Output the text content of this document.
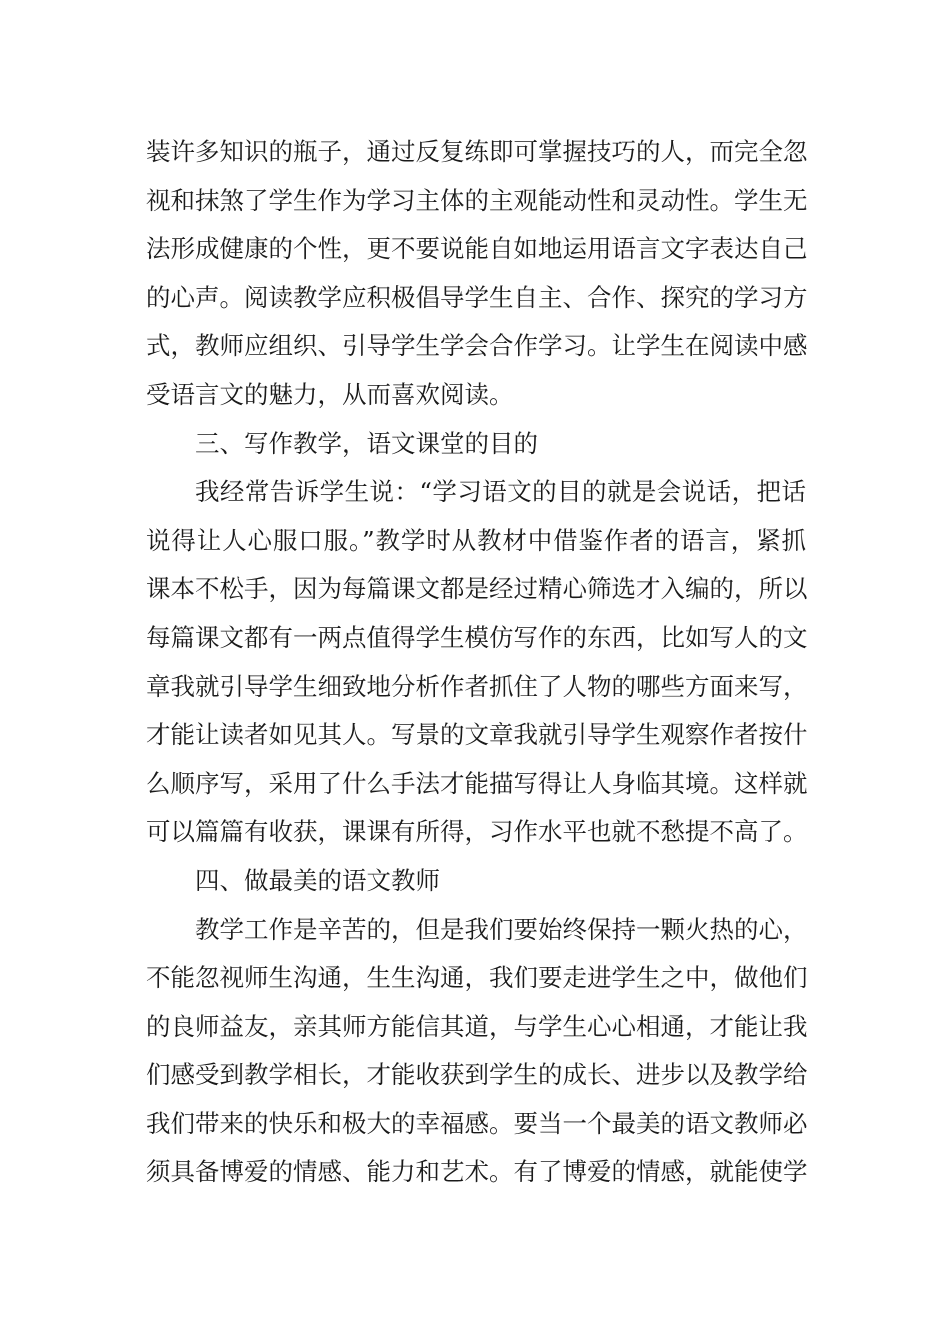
装许多知识的瓶子，通过反复练即可掌握技巧的人，而完全忽
视和抹煞了学生作为学习主体的主观能动性和灵动性。学生无
法形成健康的个性，更不要说能自如地运用语言文字表达自己
的心声。阅读教学应积极倡导学生自主、合作、探究的学习方
式，教师应组织、引导学生学会合作学习。让学生在阅读中感
受语言文的魅力，从而喜欢阅读。
三、写作教学，语文课堂的目的
我经常告诉学生说：“学习语文的目的就是会说话，把话
说得让人心服口服。”教学时从教材中借鉴作者的语言，紧抓
课本不松手，因为每篇课文都是经过精心筛选才入编的，所以
每篇课文都有一两点值得学生模仿写作的东西，比如写人的文
章我就引导学生细致地分析作者抓住了人物的哪些方面来写，
才能让读者如见其人。写景的文章我就引导学生观察作者按什
么顺序写，采用了什么手法才能描写得让人身临其境。这样就
可以篇篇有收获，课课有所得，习作水平也就不愁提不高了。
四、做最美的语文教师
教学工作是辛苦的，但是我们要始终保持一颗火热的心，
不能忽视师生沟通，生生沟通，我们要走进学生之中，做他们
的良师益友，亲其师方能信其道，与学生心心相通，才能让我
们感受到教学相长，才能收获到学生的成长、进步以及教学给
我们带来的快乐和极大的幸福感。要当一个最美的语文教师必
须具备博爱的情感、能力和艺术。有了博爱的情感，就能使学
